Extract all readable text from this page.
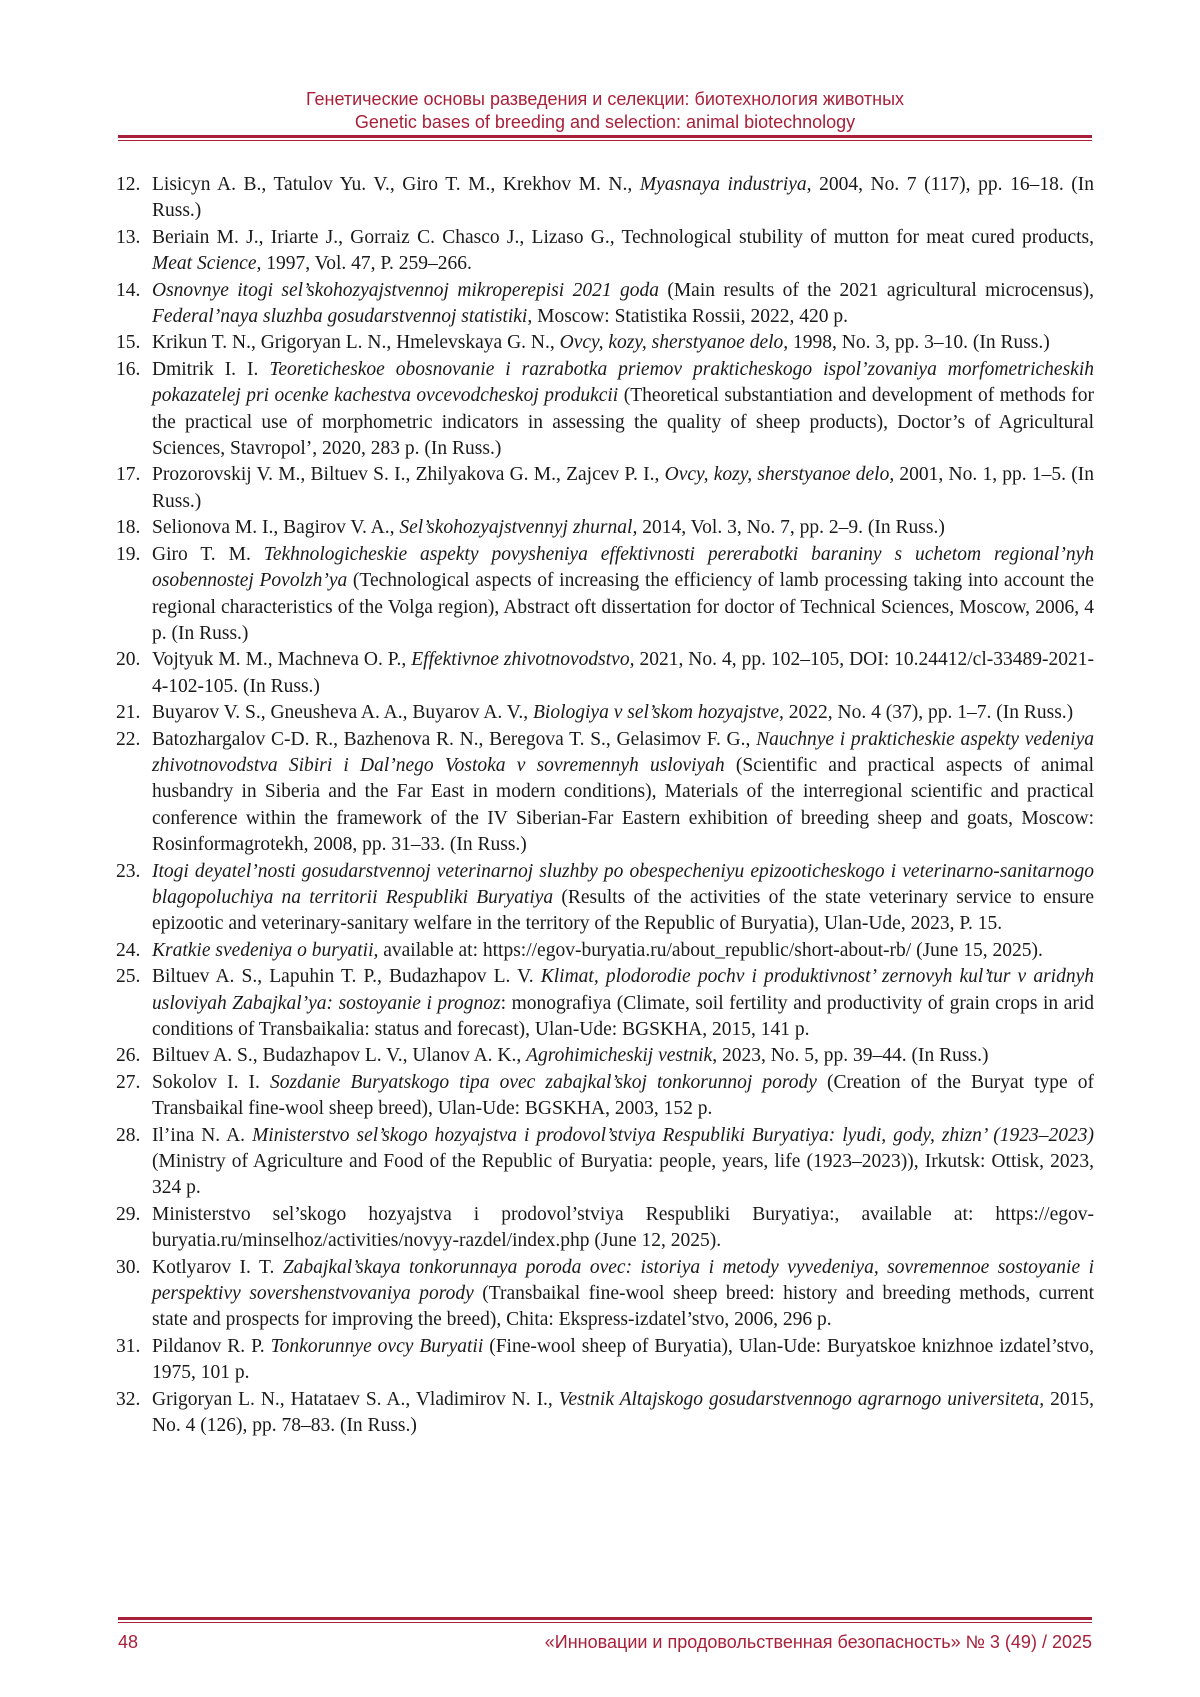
Генетические основы разведения и селекции: биотехнология животных
Genetic bases of breeding and selection: animal biotechnology
12. Lisicyn A. B., Tatulov Yu. V., Giro T. M., Krekhov M. N., Myasnaya industriya, 2004, No. 7 (117), pp. 16–18. (In Russ.)
13. Beriain M. J., Iriarte J., Gorraiz C. Chasco J., Lizaso G., Technological stubility of mutton for meat cured products, Meat Science, 1997, Vol. 47, P. 259–266.
14. Osnovnye itogi sel’skohozyajstvennoj mikroperepisi 2021 goda (Main results of the 2021 agricultural microcensus), Federal’naya sluzhba gosudarstvennoj statistiki, Moscow: Statistika Rossii, 2022, 420 p.
15. Krikun T. N., Grigoryan L. N., Hmelevskaya G. N., Ovcy, kozy, sherstyanoe delo, 1998, No. 3, pp. 3–10. (In Russ.)
16. Dmitrik I. I. Teoreticheskoe obosnovanie i razrabotka priemov prakticheskogo ispol’zovaniya morfometricheskih pokazatelej pri ocenke kachestva ovcevodcheskoj produkcii (Theoretical substantiation and development of methods for the practical use of morphometric indicators in assessing the quality of sheep products), Doctor’s of Agricultural Sciences, Stavropol’, 2020, 283 p. (In Russ.)
17. Prozorovskij V. M., Biltuev S. I., Zhilyakova G. M., Zajcev P. I., Ovcy, kozy, sherstyanoe delo, 2001, No. 1, pp. 1–5. (In Russ.)
18. Selionova M. I., Bagirov V. A., Sel’skohozyajstvennyj zhurnal, 2014, Vol. 3, No. 7, pp. 2–9. (In Russ.)
19. Giro T. M. Tekhnologicheskie aspekty povysheniya effektivnosti pererabotki baraniny s uchetom regional’nyh osobennostej Povolzh’ya (Technological aspects of increasing the efficiency of lamb processing taking into account the regional characteristics of the Volga region), Abstract oft dissertation for doctor of Technical Sciences, Moscow, 2006, 4 p. (In Russ.)
20. Vojtyuk M. M., Machneva O. P., Effektivnoe zhivotnovodstvo, 2021, No. 4, pp. 102–105, DOI: 10.24412/cl-33489-2021-4-102-105. (In Russ.)
21. Buyarov V. S., Gneusheva A. A., Buyarov A. V., Biologiya v sel’skom hozyajstve, 2022, No. 4 (37), pp. 1–7. (In Russ.)
22. Batozhargalov C-D. R., Bazhenova R. N., Beregova T. S., Gelasimov F. G., Nauchnye i prakticheskie aspekty vedeniya zhivotnovodstva Sibiri i Dal’nego Vostoka v sovremennyh usloviyah (Scientific and practical aspects of animal husbandry in Siberia and the Far East in modern conditions), Materials of the interregional scientific and practical conference within the framework of the IV Siberian-Far Eastern exhibition of breeding sheep and goats, Moscow: Rosinformagrotekh, 2008, pp. 31–33. (In Russ.)
23. Itogi deyatel’nosti gosudarstvennoj veterinarnoj sluzhby po obespecheniyu epizooticheskogo i veterinarno-sanitarnogo blagopoluchiya na territorii Respubliki Buryatiya (Results of the activities of the state veterinary service to ensure epizootic and veterinary-sanitary welfare in the territory of the Republic of Buryatia), Ulan-Ude, 2023, P. 15.
24. Kratkie svedeniya o buryatii, available at: https://egov-buryatia.ru/about_republic/short-about-rb/ (June 15, 2025).
25. Biltuev A. S., Lapuhin T. P., Budazhapov L. V. Klimat, plodorodie pochv i produktivnost’ zernovyh kul’tur v aridnyh usloviyah Zabajkal’ya: sostoyanie i prognoz: monografiya (Climate, soil fertility and productivity of grain crops in arid conditions of Transbaikalia: status and forecast), Ulan-Ude: BGSKHA, 2015, 141 p.
26. Biltuev A. S., Budazhapov L. V., Ulanov A. K., Agrohimicheskij vestnik, 2023, No. 5, pp. 39–44. (In Russ.)
27. Sokolov I. I. Sozdanie Buryatskogo tipa ovec zabajkal’skoj tonkorunnoj porody (Creation of the Buryat type of Transbaikal fine-wool sheep breed), Ulan-Ude: BGSKHA, 2003, 152 p.
28. Il’ina N. A. Ministerstvo sel’skogo hozyajstva i prodovol’stviya Respubliki Buryatiya: lyudi, gody, zhizn’ (1923–2023) (Ministry of Agriculture and Food of the Republic of Buryatia: people, years, life (1923–2023)), Irkutsk: Ottisk, 2023, 324 p.
29. Ministerstvo sel’skogo hozyajstva i prodovol’stviya Respubliki Buryatiya:, available at: https://egov-buryatia.ru/minselhoz/activities/novyy-razdel/index.php (June 12, 2025).
30. Kotlyarov I. T. Zabajkal’skaya tonkorunnaya poroda ovec: istoriya i metody vyvedeniya, sovremennoe sostoyanie i perspektivy sovershenstvovaniya porody (Transbaikal fine-wool sheep breed: history and breeding methods, current state and prospects for improving the breed), Chita: Ekspress-izdatel’stvo, 2006, 296 p.
31. Pildanov R. P. Tonkorunnye ovcy Buryatii (Fine-wool sheep of Buryatia), Ulan-Ude: Buryatskoe knizhnoe izdatel’stvo, 1975, 101 p.
32. Grigoryan L. N., Hatataev S. A., Vladimirov N. I., Vestnik Altajskogo gosudarstvennogo agrarnogo universiteta, 2015, No. 4 (126), pp. 78–83. (In Russ.)
48	«Инновации и продовольственная безопасность» № 3 (49) / 2025
